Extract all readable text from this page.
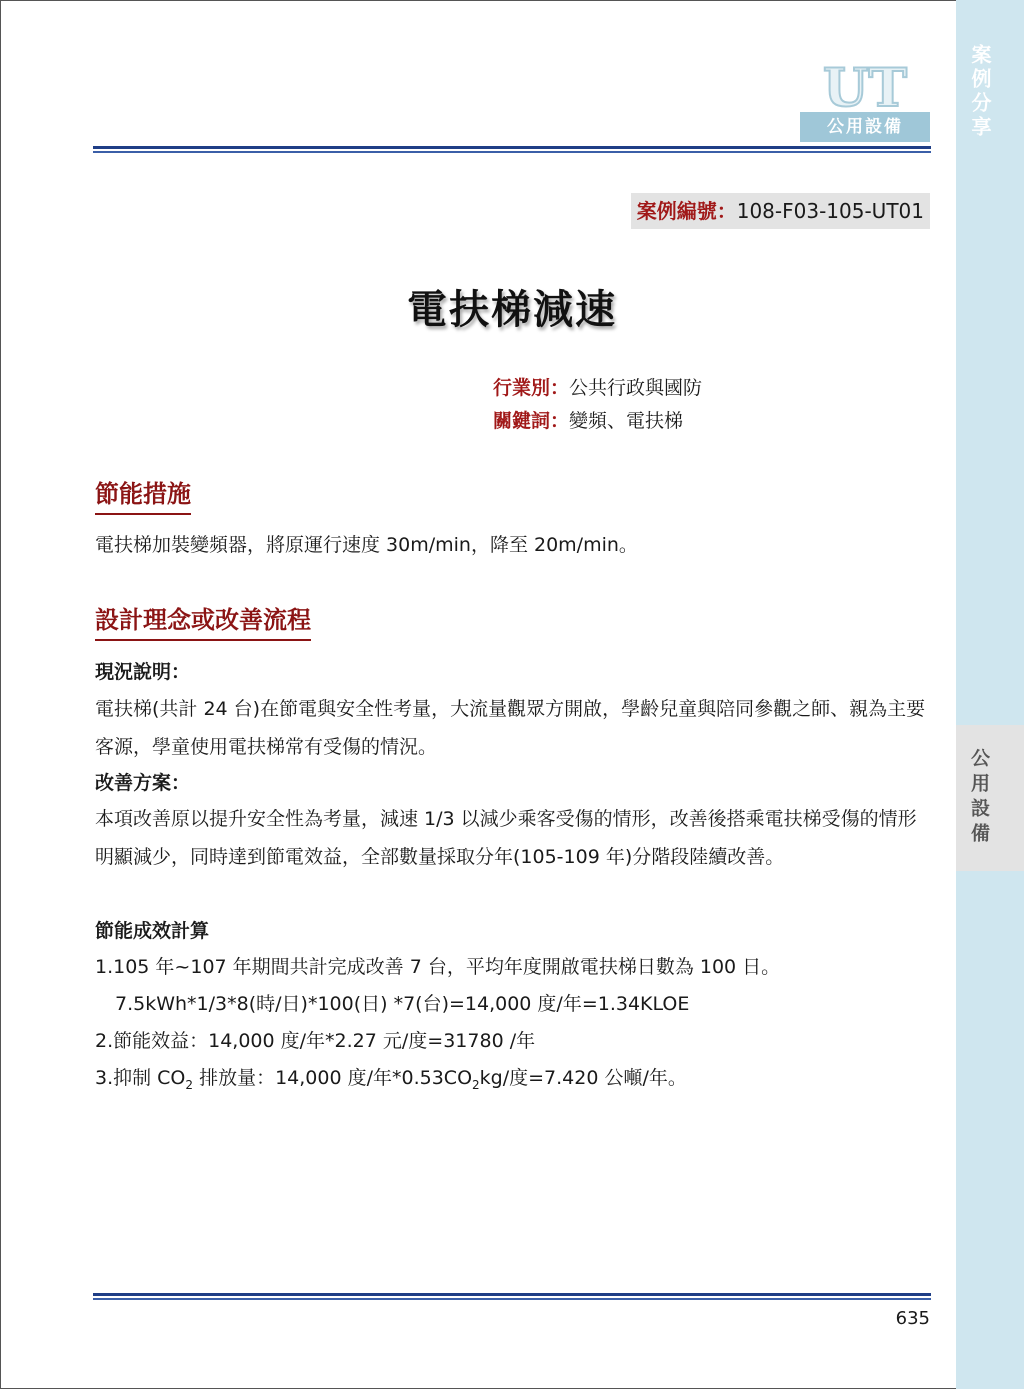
案例分享
公用設備
UT
公用設備
案例編號：108-F03-105-UT01
電扶梯減速
行業別：公共行政與國防
關鍵詞：變頻、電扶梯
節能措施
電扶梯加裝變頻器，將原運行速度 30m/min，降至 20m/min。
設計理念或改善流程
現況說明：
電扶梯(共計 24 台)在節電與安全性考量，大流量觀眾方開啟，學齡兒童與陪同參觀之師、親為主要客源，學童使用電扶梯常有受傷的情況。
改善方案：
本項改善原以提升安全性為考量，減速 1/3 以減少乘客受傷的情形，改善後搭乘電扶梯受傷的情形明顯減少，同時達到節電效益，全部數量採取分年(105-109 年)分階段陸續改善。
節能成效計算
1.105 年~107 年期間共計完成改善 7 台，平均年度開啟電扶梯日數為 100 日。
7.5kWh*1/3*8(時/日)*100(日) *7(台)=14,000 度/年=1.34KLOE
2.節能效益：14,000 度/年*2.27 元/度=31780 /年
3.抑制 $CO_2$ 排放量：14,000 度/年$*0.53CO_2kg/$度=7.420 公噸/年。
635
